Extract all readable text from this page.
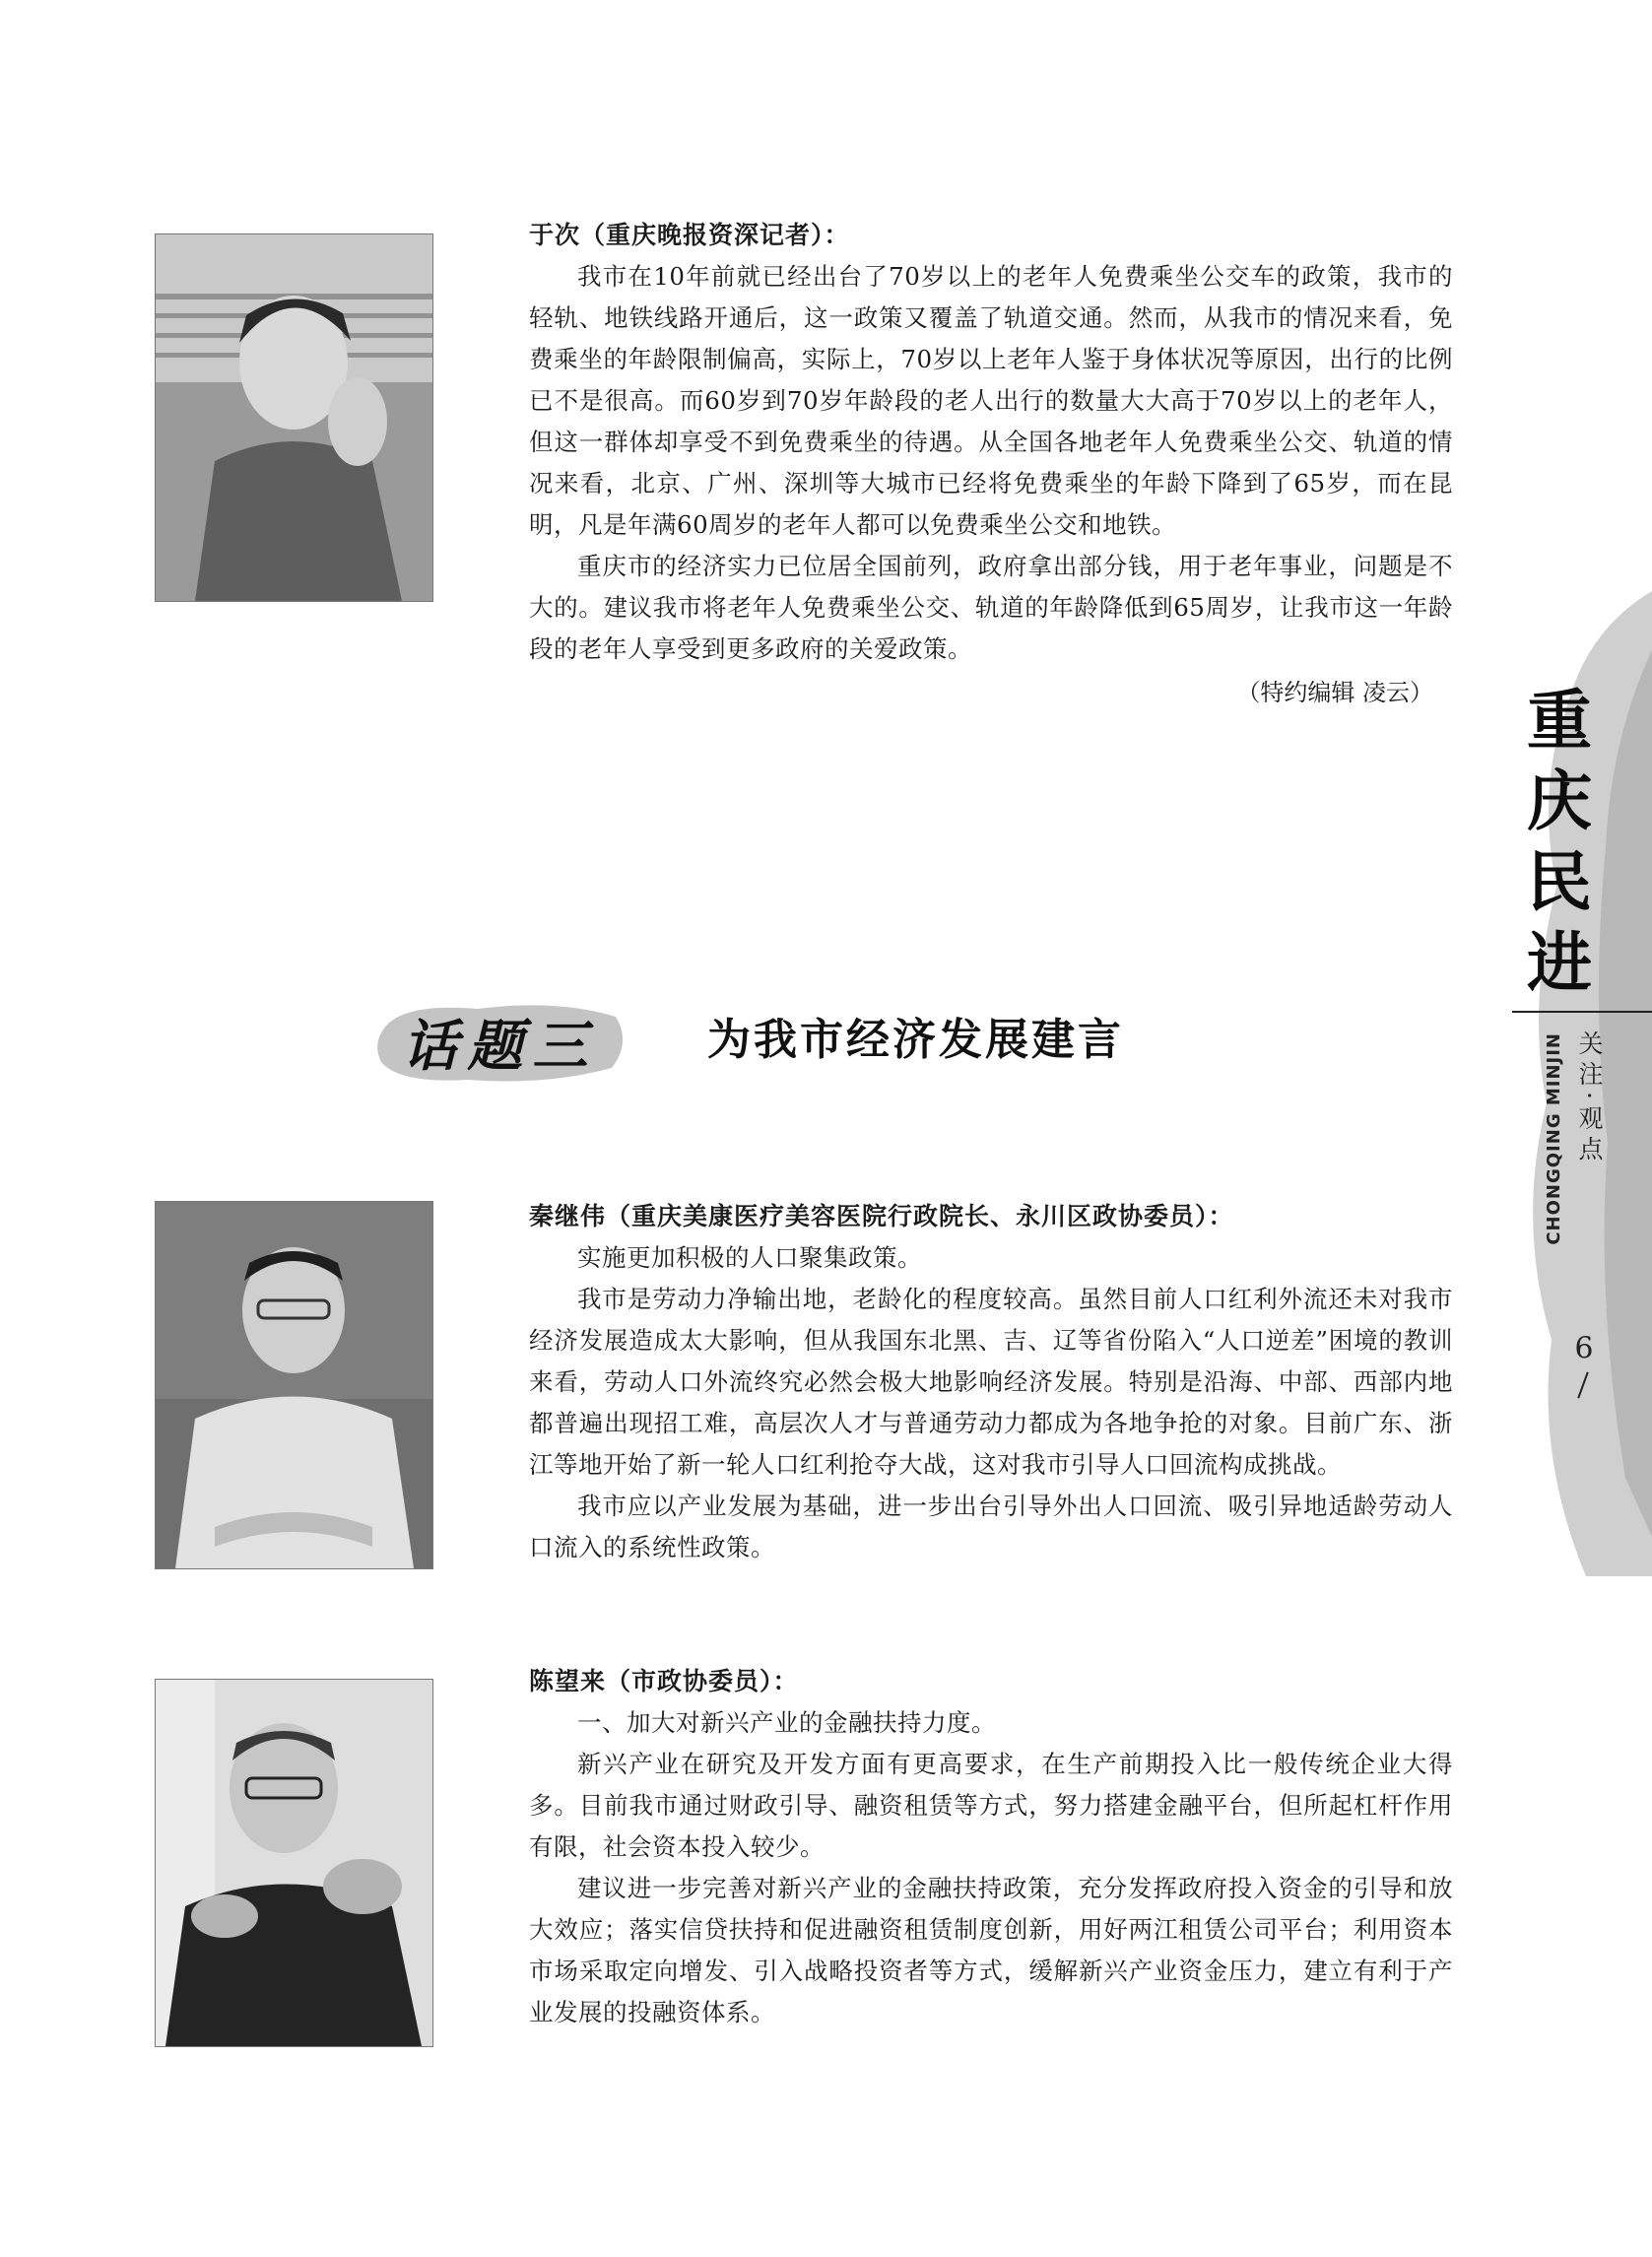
于次（重庆晚报资深记者）：

我市在10年前就已经出台了70岁以上的老年人免费乘坐公交车的政策，我市的轻轨、地铁线路开通后，这一政策又覆盖了轨道交通。然而，从我市的情况来看，免费乘坐的年龄限制偏高，实际上，70岁以上老年人鉴于身体状况等原因，出行的比例已不是很高。而60岁到70岁年龄段的老人出行的数量大大高于70岁以上的老年人，但这一群体却享受不到免费乘坐的待遇。从全国各地老年人免费乘坐公交、轨道的情况来看，北京、广州、深圳等大城市已经将免费乘坐的年龄下降到了65岁，而在昆明，凡是年满60周岁的老年人都可以免费乘坐公交和地铁。

重庆市的经济实力已位居全国前列，政府拿出部分钱，用于老年事业，问题是不大的。建议我市将老年人免费乘坐公交、轨道的年龄降低到65周岁，让我市这一年龄段的老年人享受到更多政府的关爱政策。

（特约编辑 凌云）

话题三	为我市经济发展建言

秦继伟（重庆美康医疗美容医院行政院长、永川区政协委员）：

实施更加积极的人口聚集政策。

我市是劳动力净输出地，老龄化的程度较高。虽然目前人口红利外流还未对我市经济发展造成太大影响，但从我国东北黑、吉、辽等省份陷入“人口逆差”困境的教训来看，劳动人口外流终究必然会极大地影响经济发展。特别是沿海、中部、西部内地都普遍出现招工难，高层次人才与普通劳动力都成为各地争抢的对象。目前广东、浙江等地开始了新一轮人口红利抢夺大战，这对我市引导人口回流构成挑战。

我市应以产业发展为基础，进一步出台引导外出人口回流、吸引异地适龄劳动人口流入的系统性政策。

陈望来（市政协委员）：

一、加大对新兴产业的金融扶持力度。

新兴产业在研究及开发方面有更高要求，在生产前期投入比一般传统企业大得多。目前我市通过财政引导、融资租赁等方式，努力搭建金融平台，但所起杠杆作用有限，社会资本投入较少。

建议进一步完善对新兴产业的金融扶持政策，充分发挥政府投入资金的引导和放大效应；落实信贷扶持和促进融资租赁制度创新，用好两江租赁公司平台；利用资本市场采取定向增发、引入战略投资者等方式，缓解新兴产业资金压力，建立有利于产业发展的投融资体系。

重
庆
民
进
CHONGQING MINJIN 关注·观点
9
